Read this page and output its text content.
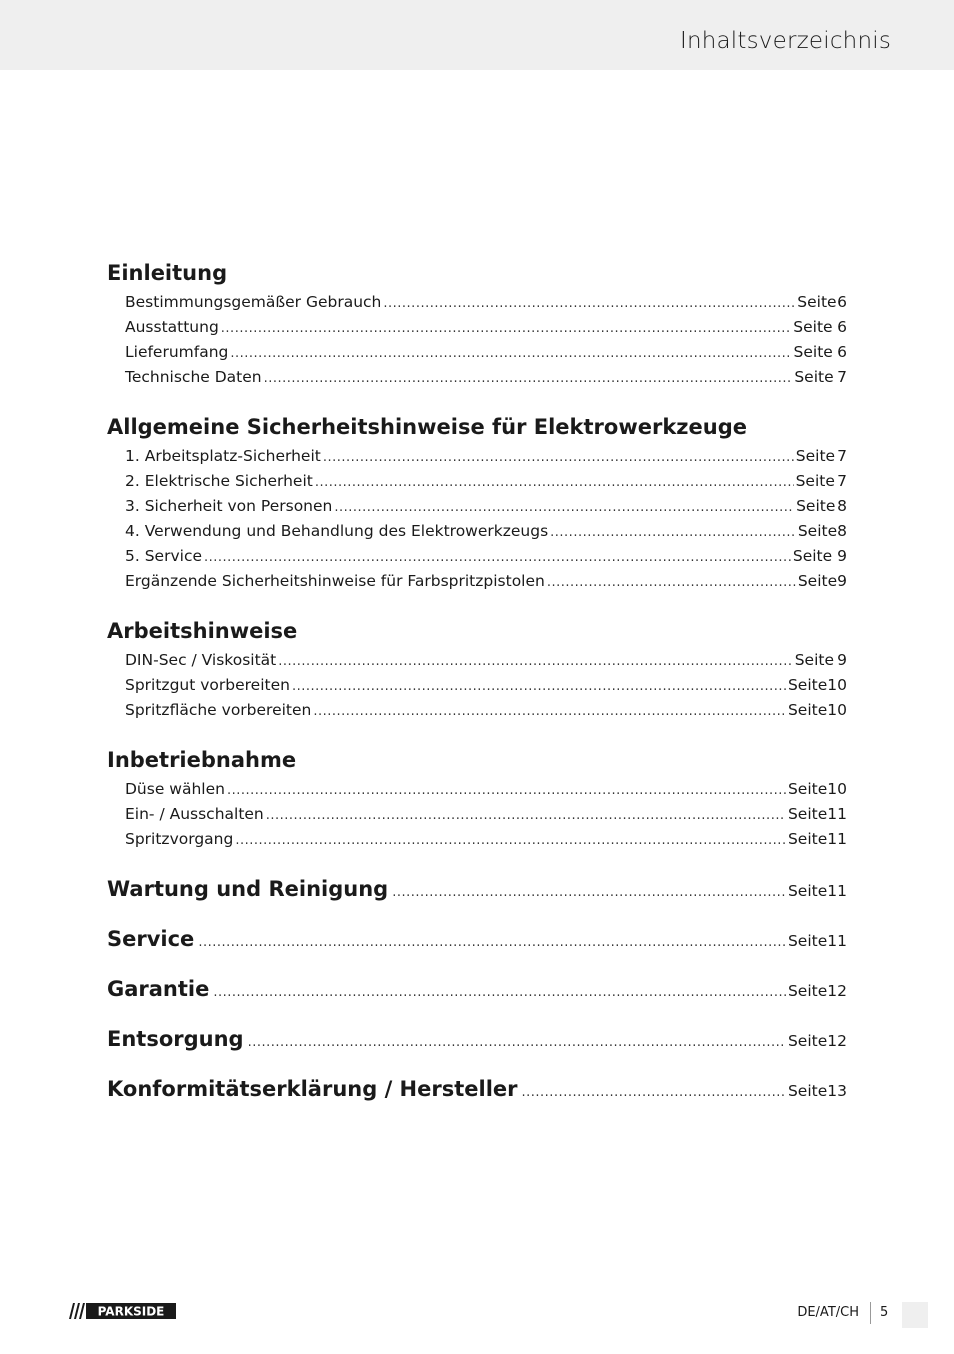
Inhaltsverzeichnis
Einleitung
Bestimmungsgemäßer Gebrauch .....	Seite 6
Ausstattung .....	Seite 6
Lieferumfang .....	Seite 6
Technische Daten .....	Seite 7
Allgemeine Sicherheitshinweise für Elektrowerkzeuge
1. Arbeitsplatz-Sicherheit .....	Seite 7
2. Elektrische Sicherheit .....	Seite 7
3. Sicherheit von Personen .....	Seite 8
4. Verwendung und Behandlung des Elektrowerkzeugs .....	Seite 8
5. Service .....	Seite 9
Ergänzende Sicherheitshinweise für Farbspritzpistolen .....	Seite 9
Arbeitshinweise
DIN-Sec / Viskosität .....	Seite 9
Spritzgut vorbereiten .....	Seite 10
Spritzfläche vorbereiten .....	Seite 10
Inbetriebnahme
Düse wählen .....	Seite 10
Ein- / Ausschalten .....	Seite 11
Spritzvorgang .....	Seite 11
Wartung und Reinigung .....	Seite 11
Service .....	Seite 11
Garantie .....	Seite 12
Entsorgung .....	Seite 12
Konformitätserklärung / Hersteller .....	Seite 13
PARKSIDE	DE/AT/CH 5
